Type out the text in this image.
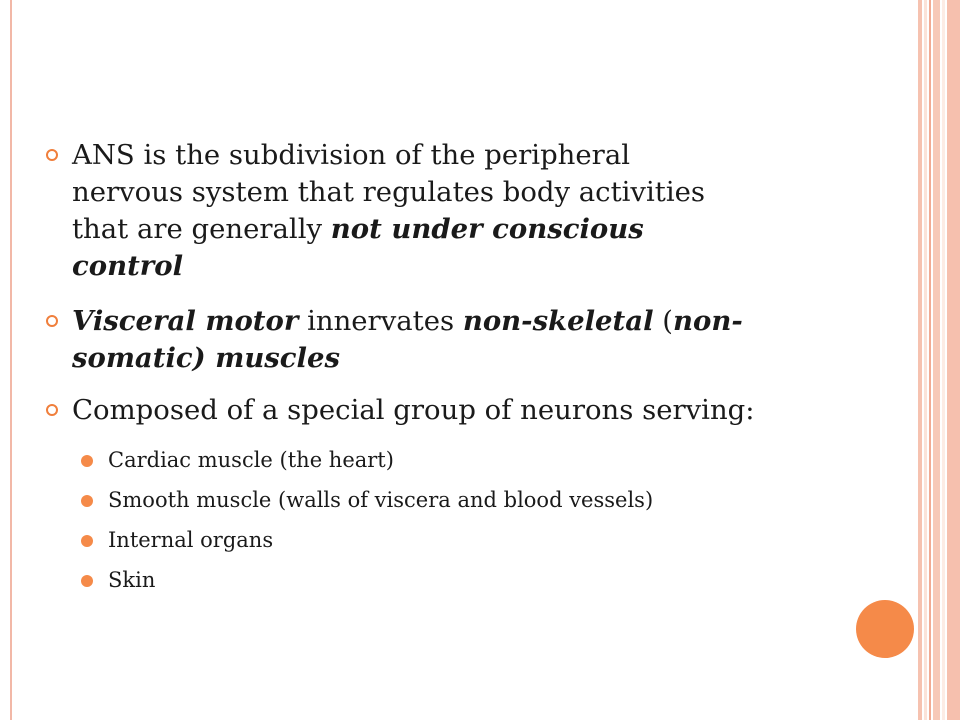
ANS is the subdivision of the peripheral
nervous system that regulates body activities
that are generally not under conscious
control
Visceral motor innervates non-skeletal (non-
somatic) muscles
Composed of a special group of neurons serving:
Cardiac muscle (the heart)
Smooth muscle (walls of viscera and blood vessels)
Internal organs
Skin
